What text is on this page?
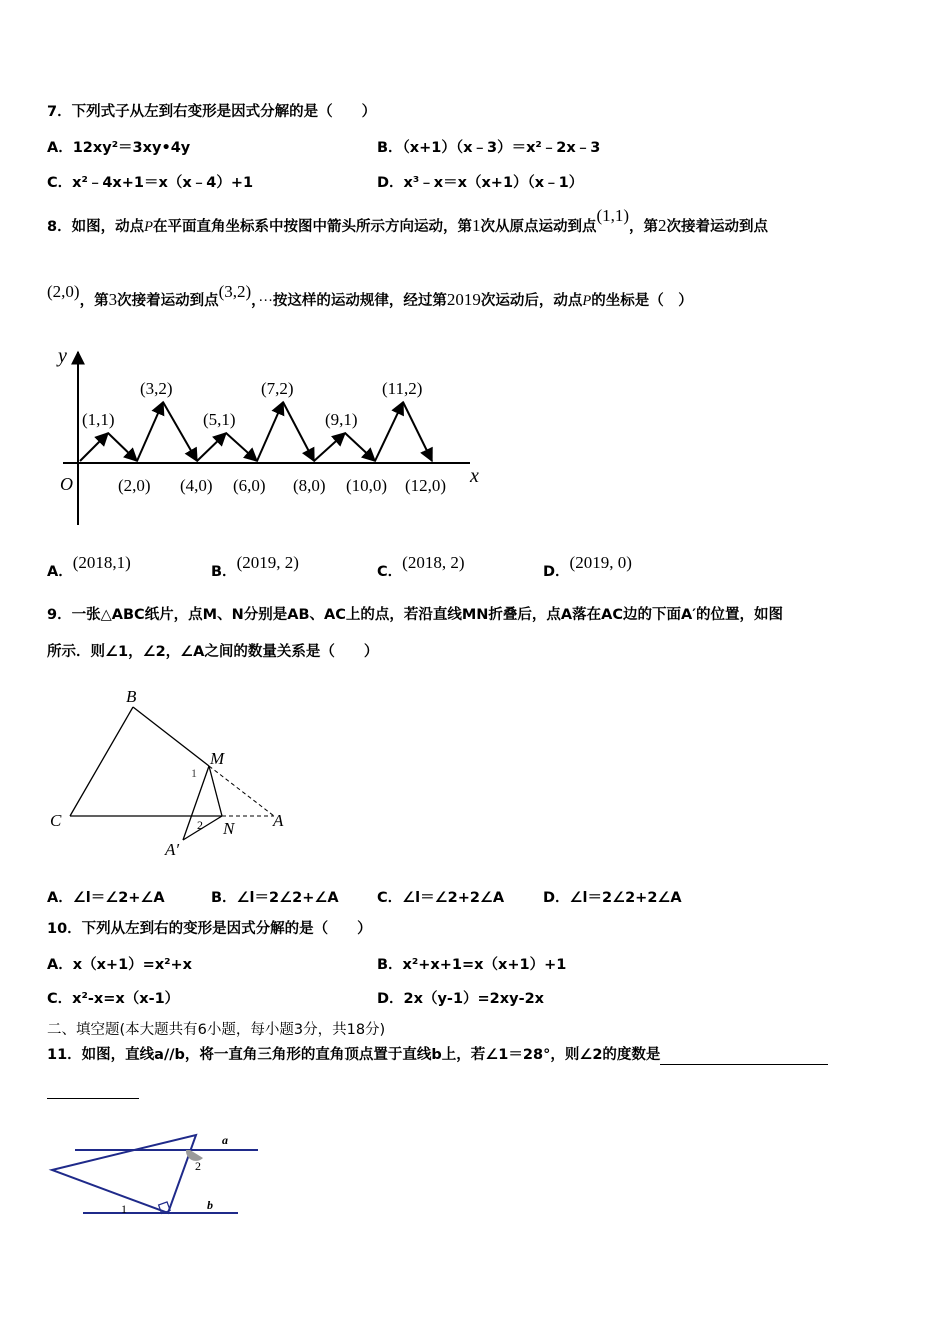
7．下列式子从左到右变形是因式分解的是（　　）
A．12xy²＝3xy•4y	B．（x+1）（x﹣3）＝x²﹣2x﹣3
C．x²﹣4x+1＝x（x﹣4）+1	D．x³﹣x＝x（x+1）（x﹣1）
8．如图，动点P在平面直角坐标系中按图中箭头所示方向运动，第1次从原点运动到点(1,1)，第2次接着运动到点
(2,0)，第3次接着运动到点(3,2)，···按这样的运动规律，经过第2019次运动后，动点P的坐标是（　）
y
x
O
(1,1)
(3,2)
(5,1)
(7,2)
(9,1)
(11,2)
(2,0) (4,0) (6,0) (8,0) (10,0) (12,0)
A．(2018,1)	B．(2019, 2)	C．(2018, 2)	D．(2019, 0)
9．一张△ABC纸片，点M、N分别是AB、AC上的点，若沿直线MN折叠后，点A落在AC边的下面A′的位置，如图
所示．则∠1，∠2，∠A之间的数量关系是（　　）
B
M
C	N A
A′
1
2
A．∠l＝∠2+∠A	B．∠l＝2∠2+∠A	C．∠l＝∠2+2∠A	D．∠l＝2∠2+2∠A
10．下列从左到右的变形是因式分解的是（　　）
A．x（x+1）=x²+x	B．x²+x+1=x（x+1）+1
C．x²-x=x（x-1）	D．2x（y-1）=2xy-2x
二、填空题(本大题共有6小题，每小题3分，共18分)
11．如图，直线a//b，将一直角三角形的直角顶点置于直线b上，若∠1＝28°，则∠2的度数是
a
b
1
2
